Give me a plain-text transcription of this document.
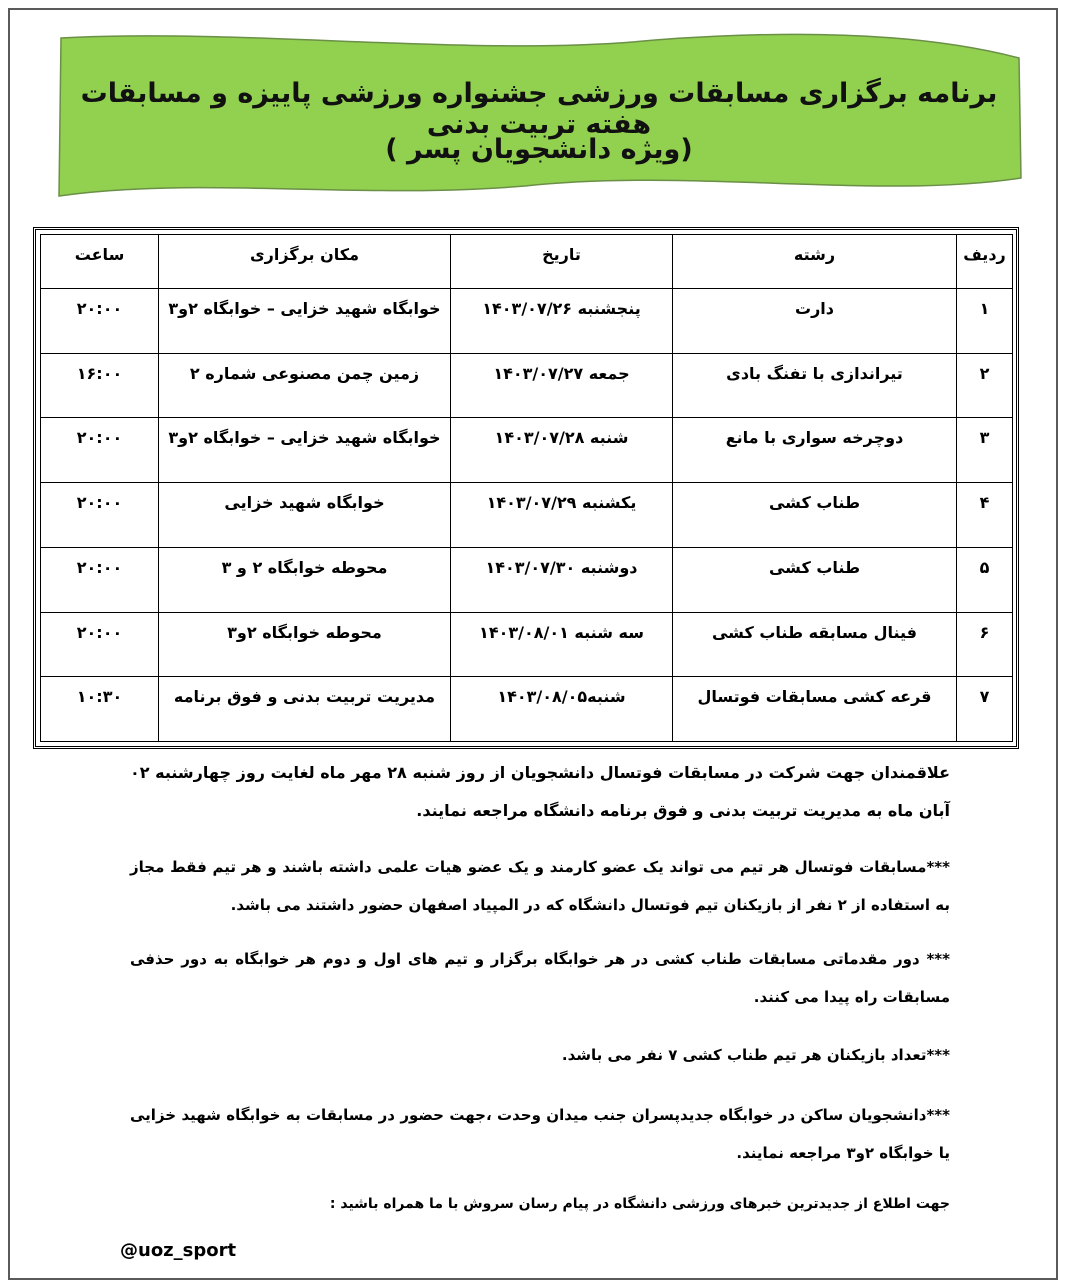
برنامه برگزاری مسابقات ورزشی جشنواره ورزشی پاییزه و مسابقات هفته تربیت بدنی
(ویژه دانشجویان پسر )
ردیف	رشته	تاریخ	مکان برگزاری	ساعت
۱	دارت	پنجشنبه ۱۴۰۳/۰۷/۲۶	خوابگاه شهید خزایی – خوابگاه ۲و۳	۲۰:۰۰
۲	تیراندازی با تفنگ بادی	جمعه ۱۴۰۳/۰۷/۲۷	زمین چمن مصنوعی شماره ۲	۱۶:۰۰
۳	دوچرخه سواری با مانع	شنبه ۱۴۰۳/۰۷/۲۸	خوابگاه شهید خزایی – خوابگاه ۲و۳	۲۰:۰۰
۴	طناب کشی	یکشنبه ۱۴۰۳/۰۷/۲۹	خوابگاه شهید خزایی	۲۰:۰۰
۵	طناب کشی	دوشنبه ۱۴۰۳/۰۷/۳۰	محوطه خوابگاه ۲ و ۳	۲۰:۰۰
۶	فینال مسابقه طناب کشی	سه شنبه ۱۴۰۳/۰۸/۰۱	محوطه خوابگاه ۲و۳	۲۰:۰۰
۷	قرعه کشی مسابقات فوتسال	شنبه۱۴۰۳/۰۸/۰۵	مدیریت تربیت بدنی و فوق برنامه	۱۰:۳۰
علاقمندان جهت شرکت در مسابقات فوتسال دانشجویان از روز شنبه ۲۸ مهر ماه لغایت روز چهارشنبه ۰۲ آبان ماه به مدیریت تربیت بدنی و فوق برنامه دانشگاه مراجعه نمایند.
***مسابقات فوتسال هر تیم می تواند یک عضو کارمند و یک عضو هیات علمی داشته باشند و هر تیم فقط مجاز به استفاده از ۲ نفر از بازیکنان تیم فوتسال دانشگاه که در المپیاد اصفهان حضور داشتند می باشد.
*** دور مقدماتی مسابقات طناب کشی در هر خوابگاه برگزار و تیم های اول و دوم هر خوابگاه به دور حذفی مسابقات راه پیدا می کنند.
***تعداد بازیکنان هر تیم طناب کشی ۷ نفر می باشد.
***دانشجویان ساکن در خوابگاه جدیدپسران جنب میدان وحدت ،جهت حضور در مسابقات به خوابگاه شهید خزایی یا خوابگاه ۲و۳ مراجعه نمایند.
جهت اطلاع از جدیدترین خبرهای ورزشی دانشگاه در پیام رسان سروش با ما همراه باشید :
@uoz_sport
